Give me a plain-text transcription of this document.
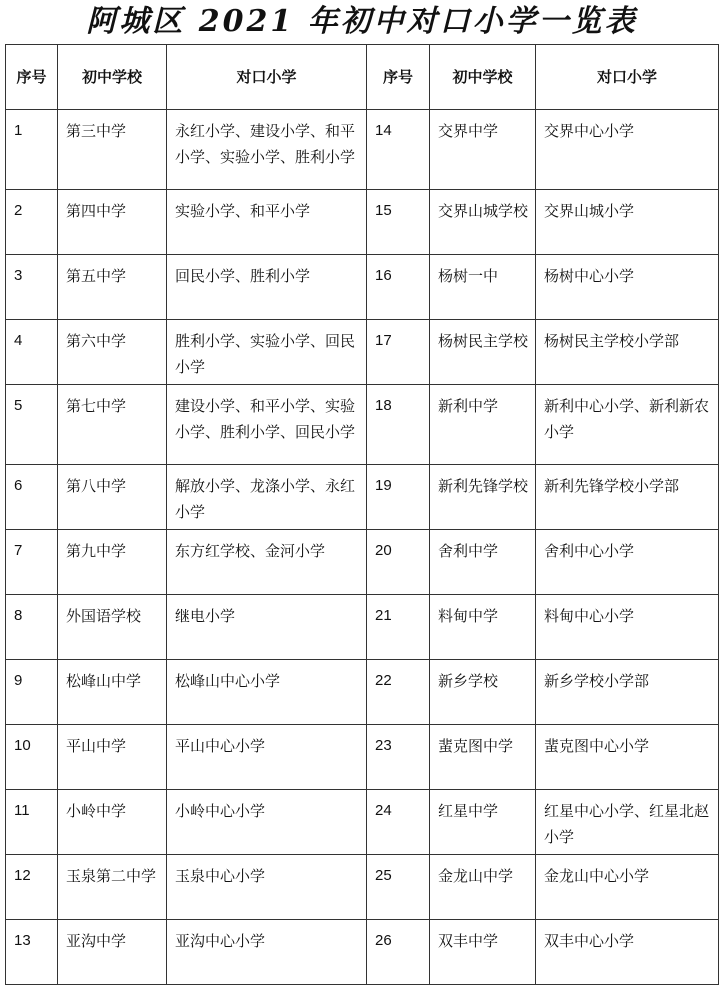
阿城区 2021 年初中对口小学一览表
序号	初中学校	对口小学	序号	初中学校	对口小学
1	第三中学	永红小学、建设小学、和平小学、实验小学、胜利小学	14	交界中学	交界中心小学
2	第四中学	实验小学、和平小学	15	交界山城学校	交界山城小学
3	第五中学	回民小学、胜利小学	16	杨树一中	杨树中心小学
4	第六中学	胜利小学、实验小学、回民小学	17	杨树民主学校	杨树民主学校小学部
5	第七中学	建设小学、和平小学、实验小学、胜利小学、回民小学	18	新利中学	新利中心小学、新利新农小学
6	第八中学	解放小学、龙涤小学、永红小学	19	新利先锋学校	新利先锋学校小学部
7	第九中学	东方红学校、金河小学	20	舍利中学	舍利中心小学
8	外国语学校	继电小学	21	料甸中学	料甸中心小学
9	松峰山中学	松峰山中心小学	22	新乡学校	新乡学校小学部
10	平山中学	平山中心小学	23	蜚克图中学	蜚克图中心小学
11	小岭中学	小岭中心小学	24	红星中学	红星中心小学、红星北赵小学
12	玉泉第二中学	玉泉中心小学	25	金龙山中学	金龙山中心小学
13	亚沟中学	亚沟中心小学	26	双丰中学	双丰中心小学
